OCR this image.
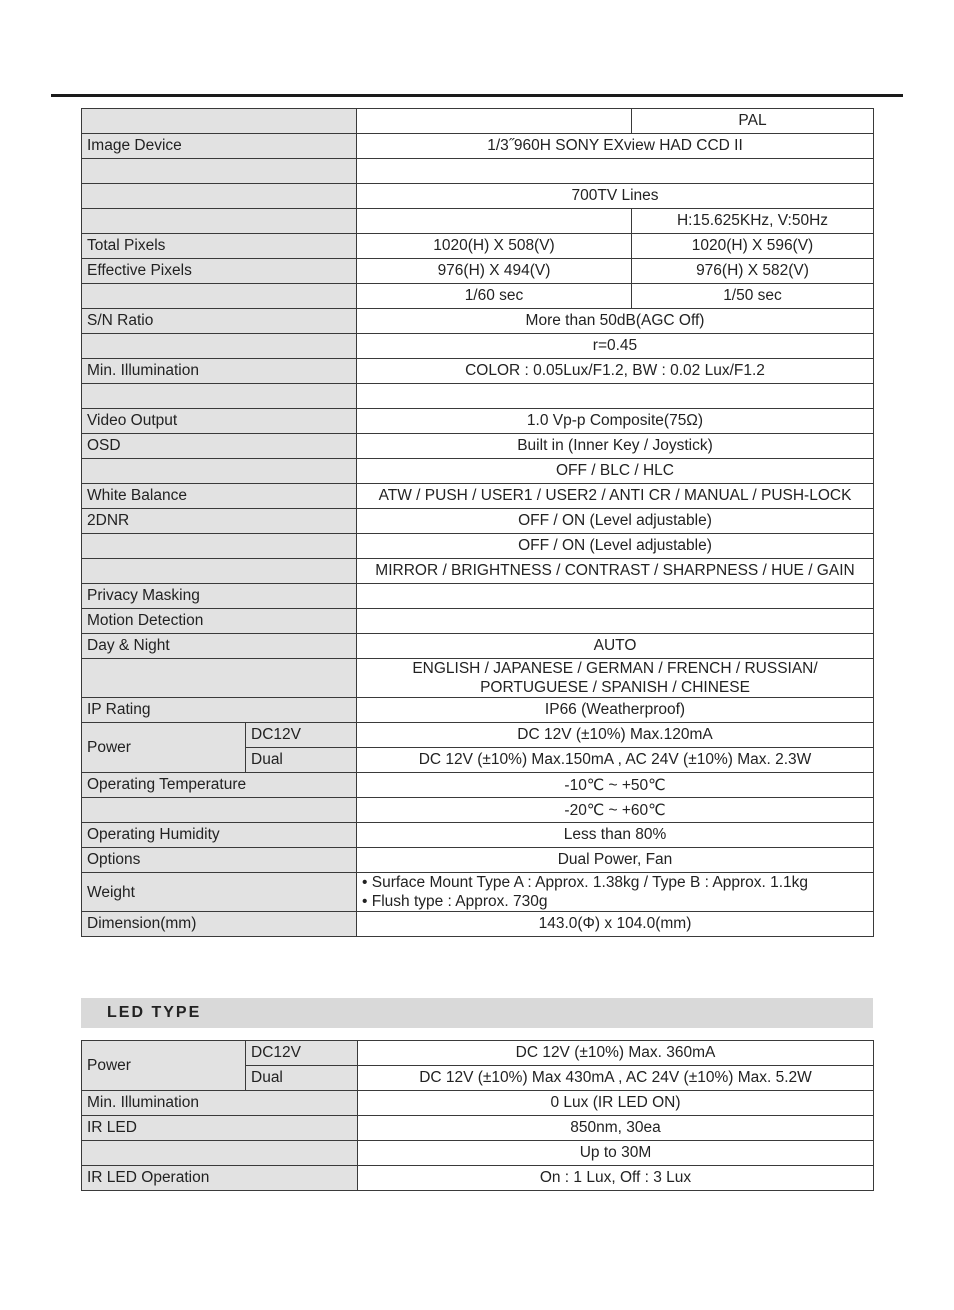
			PAL
Image Device		1/3˝960H SONY EXview HAD CCD II	

		700TV Lines	
			H:15.625KHz, V:50Hz
Total Pixels		1020(H) X 508(V)	1020(H) X 596(V)
Effective Pixels		976(H) X 494(V)	976(H) X 582(V)
		1/60 sec	1/50 sec
S/N Ratio		More than 50dB(AGC Off)	
		r=0.45	
Min. Illumination		COLOR : 0.05Lux/F1.2, BW : 0.02 Lux/F1.2	

Video Output		1.0 Vp-p Composite(75Ω)	
OSD		Built in (Inner Key / Joystick)	
		OFF / BLC / HLC	
White Balance		ATW / PUSH / USER1 / USER2 / ANTI CR / MANUAL / PUSH-LOCK	
2DNR		OFF / ON (Level adjustable)	
		OFF / ON (Level adjustable)	
		MIRROR / BRIGHTNESS / CONTRAST / SHARPNESS / HUE / GAIN	
Privacy Masking			
Motion Detection			
Day & Night		AUTO	

		ENGLISH / JAPANESE / GERMAN / FRENCH / RUSSIAN/
PORTUGUESE / SPANISH / CHINESE	

IP Rating		IP66 (Weatherproof)	
Power	DC12V	DC 12V (±10%) Max.120mA	
	Dual	DC 12V (±10%) Max.150mA , AC 24V (±10%) Max. 2.3W	
Operating Temperature		-10℃ ~ +50℃	
		-20℃ ~ +60℃	
Operating Humidity		Less than 80%	
Options		Dual Power, Fan	
Weight		• Surface Mount Type A : Approx. 1.38kg / Type B : Approx. 1.1kg
• Flush type : Approx. 730g	

Dimension(mm)		143.0(Φ) x 104.0(mm)	
LED TYPE
Power	DC12V	DC 12V (±10%) Max. 360mA
	Dual	DC 12V (±10%) Max 430mA , AC 24V (±10%) Max. 5.2W
Min. Illumination		0 Lux (IR LED ON)
IR LED		850nm, 30ea
		Up to 30M
IR LED Operation		On : 1 Lux, Off : 3 Lux
